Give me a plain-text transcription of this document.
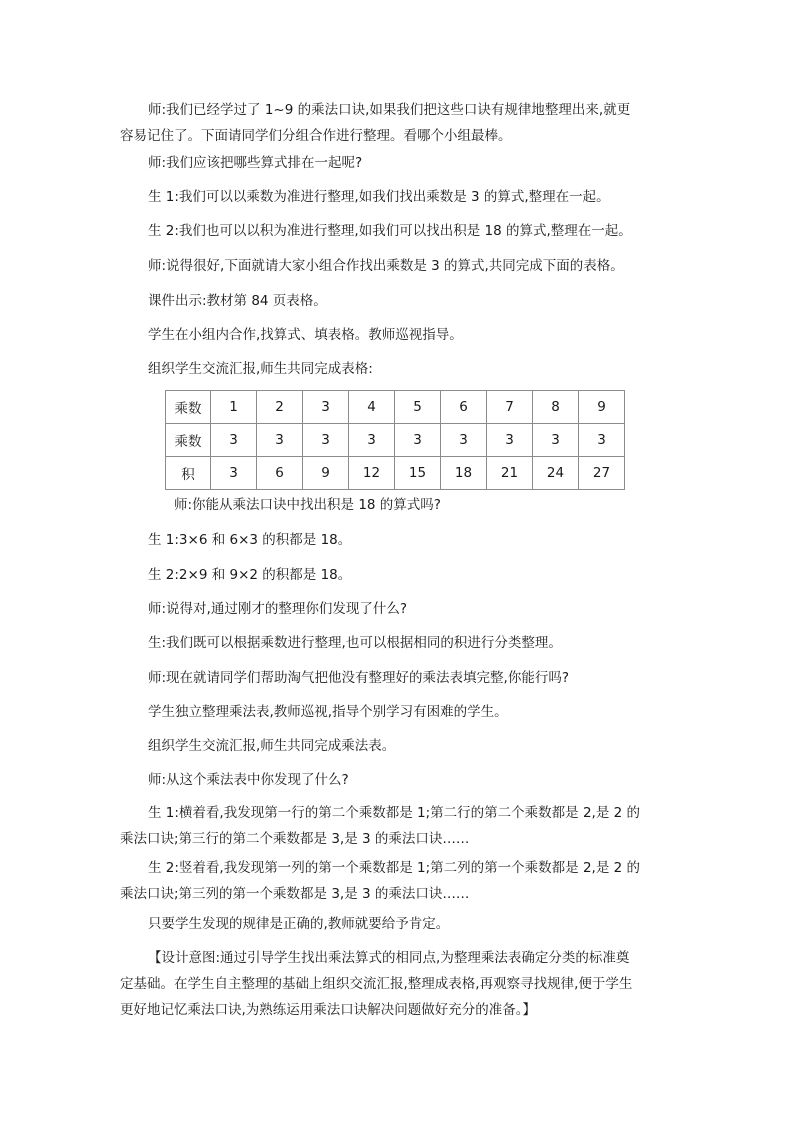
师:我们已经学过了 1~9 的乘法口诀,如果我们把这些口诀有规律地整理出来,就更容易记住了。下面请同学们分组合作进行整理。看哪个小组最棒。
师:我们应该把哪些算式排在一起呢?
生 1:我们可以以乘数为准进行整理,如我们找出乘数是 3 的算式,整理在一起。
生 2:我们也可以以积为准进行整理,如我们可以找出积是 18 的算式,整理在一起。
师:说得很好,下面就请大家小组合作找出乘数是 3 的算式,共同完成下面的表格。
课件出示:教材第 84 页表格。
学生在小组内合作,找算式、填表格。教师巡视指导。
组织学生交流汇报,师生共同完成表格:
乘数	1	2	3	4	5	6	7	8	9
乘数	3	3	3	3	3	3	3	3	3
积	3	6	9	12	15	18	21	24	27
师:你能从乘法口诀中找出积是 18 的算式吗?
生 1:3×6 和 6×3 的积都是 18。
生 2:2×9 和 9×2 的积都是 18。
师:说得对,通过刚才的整理你们发现了什么?
生:我们既可以根据乘数进行整理,也可以根据相同的积进行分类整理。
师:现在就请同学们帮助淘气把他没有整理好的乘法表填完整,你能行吗?
学生独立整理乘法表,教师巡视,指导个别学习有困难的学生。
组织学生交流汇报,师生共同完成乘法表。
师:从这个乘法表中你发现了什么?
生 1:横着看,我发现第一行的第二个乘数都是 1;第二行的第二个乘数都是 2,是 2 的乘法口诀;第三行的第二个乘数都是 3,是 3 的乘法口诀……
生 2:竖着看,我发现第一列的第一个乘数都是 1;第二列的第一个乘数都是 2,是 2 的乘法口诀;第三列的第一个乘数都是 3,是 3 的乘法口诀……
只要学生发现的规律是正确的,教师就要给予肯定。
【设计意图:通过引导学生找出乘法算式的相同点,为整理乘法表确定分类的标准奠定基础。在学生自主整理的基础上组织交流汇报,整理成表格,再观察寻找规律,便于学生更好地记忆乘法口诀,为熟练运用乘法口诀解决问题做好充分的准备。】
